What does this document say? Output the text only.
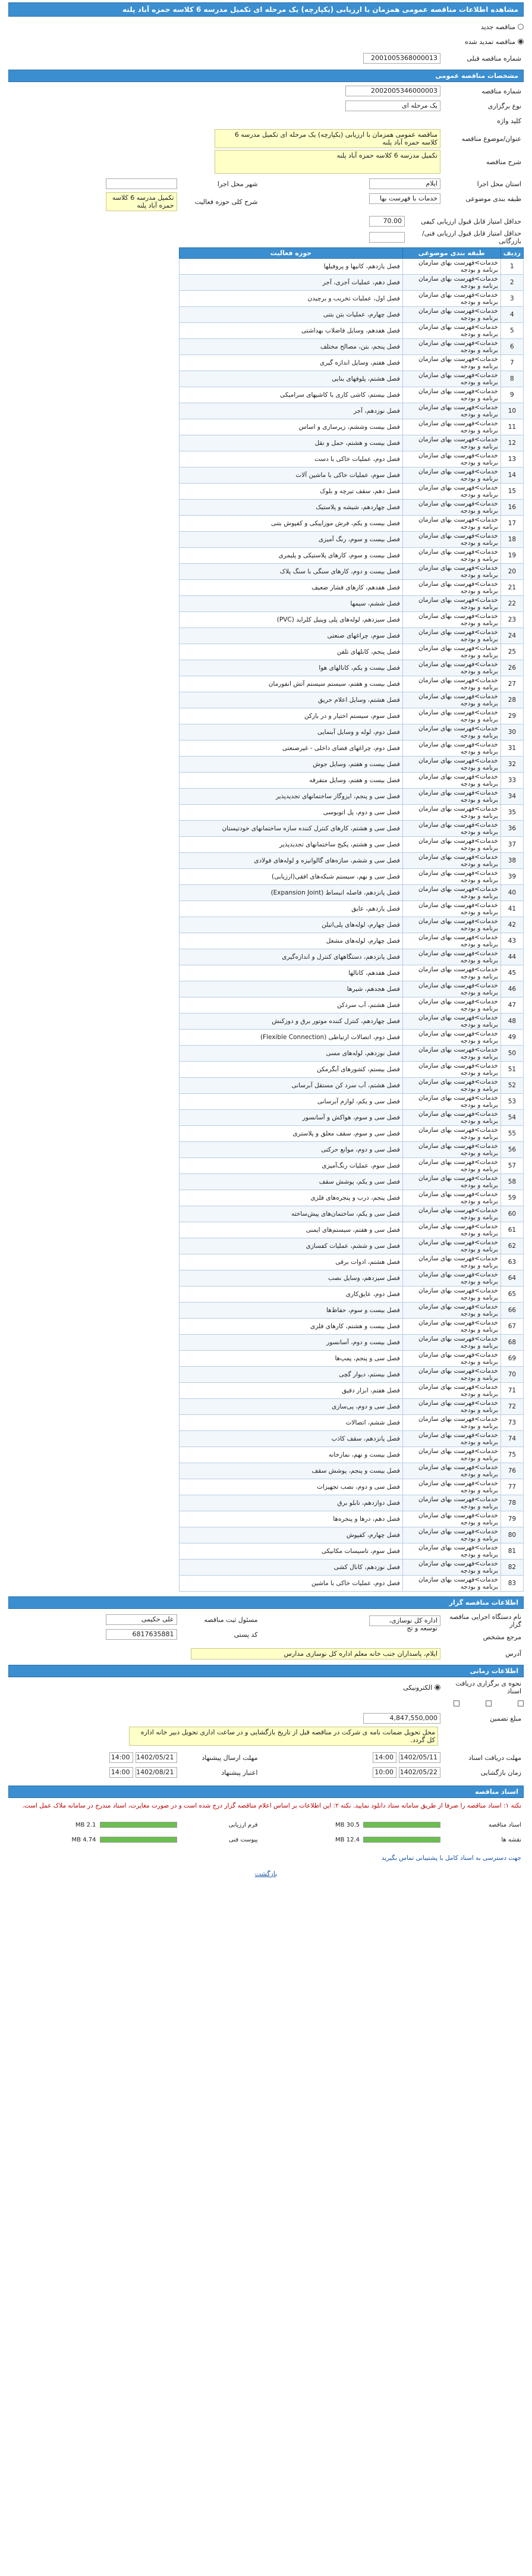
مشاهده اطلاعات مناقصه عمومی همزمان با ارزیابی (یکپارچه) یک مرحله ای تکمیل مدرسه 6 کلاسه حمزه آباد پلنه
مناقصه جدید
مناقصه تمدید شده
شماره مناقصه قبلی
2001005368000013
مشخصات مناقصه عمومی
شماره مناقصه
2002005346000003
نوع برگزاری
یک مرحله ای
کلید واژه
عنوان/موضوع مناقصه
مناقصه عمومی همزمان با ارزیابی (یکپارچه) یک مرحله ای تکمیل مدرسه 6 کلاسه حمزه آباد پلنه
شرح مناقصه
تکمیل مدرسه 6 کلاسه حمزه آباد پلنه
استان محل اجرا
ایلام
طبقه بندی موضوعی
خدمات با فهرست بها
شهر محل اجرا
شرح کلی حوزه فعالیت
تکمیل مدرسه 6 کلاسه حمزه آباد پلنه
حداقل امتیاز قابل قبول ارزیابی کیفی
70.00
حداقل امتیاز قابل قبول ارزیابی فنی/بازرگانی
ردیف	طبقه بندی موضوعی	حوزه فعالیت
1	خدمات>فهرست بهای سازمان برنامه و بودجه	فصل یازدهم، کانیها و پروفیلها
2	خدمات>فهرست بهای سازمان برنامه و بودجه	فصل دهم، عملیات آجری، آجر
3	خدمات>فهرست بهای سازمان برنامه و بودجه	فصل اول، عملیات تخریب و برچیدن
4	خدمات>فهرست بهای سازمان برنامه و بودجه	فصل چهارم، عملیات بتن بتنی
5	خدمات>فهرست بهای سازمان برنامه و بودجه	فصل هفدهم، وسایل فاضلاب بهداشتی
6	خدمات>فهرست بهای سازمان برنامه و بودجه	فصل پنجم، بتن، مصالح مختلف
7	خدمات>فهرست بهای سازمان برنامه و بودجه	فصل هفتم، وسایل اندازه گیری
8	خدمات>فهرست بهای سازمان برنامه و بودجه	فصل هشتم، پلوفهای بنایی
9	خدمات>فهرست بهای سازمان برنامه و بودجه	فصل بیستم، کاشی کاری با کاشیهای سرامیکی
10	خدمات>فهرست بهای سازمان برنامه و بودجه	فصل نوزدهم، آجر
11	خدمات>فهرست بهای سازمان برنامه و بودجه	فصل بیست وششم، زیرسازی و اساس
12	خدمات>فهرست بهای سازمان برنامه و بودجه	فصل بیست و هشتم، حمل و نقل
13	خدمات>فهرست بهای سازمان برنامه و بودجه	فصل دوم، عملیات خاکی با دست
14	خدمات>فهرست بهای سازمان برنامه و بودجه	فصل سوم، عملیات خاکی با ماشین آلات
15	خدمات>فهرست بهای سازمان برنامه و بودجه	فصل دهم، سقف تیرچه و بلوک
16	خدمات>فهرست بهای سازمان برنامه و بودجه	فصل چهاردهم، شیشه و پلاستیک
17	خدمات>فهرست بهای سازمان برنامه و بودجه	فصل بیست و یکم، فرش موزاییکی و کفپوش بتنی
18	خدمات>فهرست بهای سازمان برنامه و بودجه	فصل بیست و سوم، رنگ آمیزی
19	خدمات>فهرست بهای سازمان برنامه و بودجه	فصل بیست و سوم، کارهای پلاستیکی و پلیمری
20	خدمات>فهرست بهای سازمان برنامه و بودجه	فصل بیست و دوم، کارهای سنگی با سنگ پلاک
21	خدمات>فهرست بهای سازمان برنامه و بودجه	فصل هفدهم، کارهای فشار ضعیف
22	خدمات>فهرست بهای سازمان برنامه و بودجه	فصل ششم، سیمها
23	خدمات>فهرست بهای سازمان برنامه و بودجه	فصل سیزدهم، لوله‌های پلی وینیل کلراید (PVC)
24	خدمات>فهرست بهای سازمان برنامه و بودجه	فصل سوم، چراغهای صنعتی
25	خدمات>فهرست بهای سازمان برنامه و بودجه	فصل پنجم، کابلهای تلفن
26	خدمات>فهرست بهای سازمان برنامه و بودجه	فصل بیست و یکم، کانالهای هوا
27	خدمات>فهرست بهای سازمان برنامه و بودجه	فصل بیست و هفتم، سیستم سیستم آتش انفورمان
28	خدمات>فهرست بهای سازمان برنامه و بودجه	فصل هشتم، وسایل اعلام حریق
29	خدمات>فهرست بهای سازمان برنامه و بودجه	فصل سوم، سیستم اختیار و در بازکن
30	خدمات>فهرست بهای سازمان برنامه و بودجه	فصل دوم، لوله و وسایل آبنمایی
31	خدمات>فهرست بهای سازمان برنامه و بودجه	فصل دوم، چراغهای فضای داخلی - غیرصنعتی
32	خدمات>فهرست بهای سازمان برنامه و بودجه	فصل بیست و هفتم، وسایل جوش
33	خدمات>فهرست بهای سازمان برنامه و بودجه	فصل بیست و هفتم، وسایل متفرقه
34	خدمات>فهرست بهای سازمان برنامه و بودجه	فصل سی و پنجم، ایزوگاز ساختمانهای تجدیدپذیر
35	خدمات>فهرست بهای سازمان برنامه و بودجه	فصل سی و دوم، پل اتوبوسی
36	خدمات>فهرست بهای سازمان برنامه و بودجه	فصل سی و هشتم، کارهای کنترل کننده سازه ساختمانهای خودتیستان
37	خدمات>فهرست بهای سازمان برنامه و بودجه	فصل سی و هشتم، پکیج ساختمانهای تجدیدپذیر
38	خدمات>فهرست بهای سازمان برنامه و بودجه	فصل سی و ششم، سازه‌های گالوانیزه و لوله‌های فولادی
39	خدمات>فهرست بهای سازمان برنامه و بودجه	فصل سی و نهم، سیستم شبکه‌های افقی(ارزیابی)
40	خدمات>فهرست بهای سازمان برنامه و بودجه	فصل پانزدهم، فاصله انبساط (Expansion Joint)
41	خدمات>فهرست بهای سازمان برنامه و بودجه	فصل یازدهم، عایق
42	خدمات>فهرست بهای سازمان برنامه و بودجه	فصل چهارم، لوله‌های پلی‌اتیلن
43	خدمات>فهرست بهای سازمان برنامه و بودجه	فصل چهارم، لوله‌های مشعل
44	خدمات>فهرست بهای سازمان برنامه و بودجه	فصل پانزدهم، دستگاههای کنترل و اندازه‌گیری
45	خدمات>فهرست بهای سازمان برنامه و بودجه	فصل هفدهم، کانالها
46	خدمات>فهرست بهای سازمان برنامه و بودجه	فصل هجدهم، شیرها
47	خدمات>فهرست بهای سازمان برنامه و بودجه	فصل هشتم، آب سردکن
48	خدمات>فهرست بهای سازمان برنامه و بودجه	فصل چهاردهم، کنترل کننده موتور برق و دوزکنش
49	خدمات>فهرست بهای سازمان برنامه و بودجه	فصل دوم، اتصالات ارتباطی (Flexible Connection)
50	خدمات>فهرست بهای سازمان برنامه و بودجه	فصل نوزدهم، لوله‌های مسی
51	خدمات>فهرست بهای سازمان برنامه و بودجه	فصل بیستم، کشورهای آبگرمکن
52	خدمات>فهرست بهای سازمان برنامه و بودجه	فصل هشتم، آب سرد کن مستقل آبرسانی
53	خدمات>فهرست بهای سازمان برنامه و بودجه	فصل سی و یکم، لوازم آبرسانی
54	خدمات>فهرست بهای سازمان برنامه و بودجه	فصل سی و سوم، هواکش و آسانسور
55	خدمات>فهرست بهای سازمان برنامه و بودجه	فصل سی و سوم، سقف معلق و پلاستری
56	خدمات>فهرست بهای سازمان برنامه و بودجه	فصل سی و دوم، موانع حرکتی
57	خدمات>فهرست بهای سازمان برنامه و بودجه	فصل سوم، عملیات رنگ‌آمیزی
58	خدمات>فهرست بهای سازمان برنامه و بودجه	فصل سی و یکم، پوشش سقف
59	خدمات>فهرست بهای سازمان برنامه و بودجه	فصل پنجم، درب و پنجره‌های فلزی
60	خدمات>فهرست بهای سازمان برنامه و بودجه	فصل سی و یکم، ساختمان‌های پیش‌ساخته
61	خدمات>فهرست بهای سازمان برنامه و بودجه	فصل سی و هفتم، سیستم‌های ایمنی
62	خدمات>فهرست بهای سازمان برنامه و بودجه	فصل سی و ششم، عملیات کفسازی
63	خدمات>فهرست بهای سازمان برنامه و بودجه	فصل هشتم، ادوات برقی
64	خدمات>فهرست بهای سازمان برنامه و بودجه	فصل سیزدهم، وسایل نصب
65	خدمات>فهرست بهای سازمان برنامه و بودجه	فصل دوم، عایق‌کاری
66	خدمات>فهرست بهای سازمان برنامه و بودجه	فصل بیست و سوم، حفاظ‌ها
67	خدمات>فهرست بهای سازمان برنامه و بودجه	فصل بیست و هشتم، کارهای فلزی
68	خدمات>فهرست بهای سازمان برنامه و بودجه	فصل بیست و دوم، آسانسور
69	خدمات>فهرست بهای سازمان برنامه و بودجه	فصل سی و پنجم، پمپ‌ها
70	خدمات>فهرست بهای سازمان برنامه و بودجه	فصل بیستم، دیوار گچی
71	خدمات>فهرست بهای سازمان برنامه و بودجه	فصل هفتم، ابزار دقیق
72	خدمات>فهرست بهای سازمان برنامه و بودجه	فصل سی و دوم، پی‌سازی
73	خدمات>فهرست بهای سازمان برنامه و بودجه	فصل ششم، اتصالات
74	خدمات>فهرست بهای سازمان برنامه و بودجه	فصل پانزدهم، سقف کاذب
75	خدمات>فهرست بهای سازمان برنامه و بودجه	فصل بیست و نهم، نمازخانه
76	خدمات>فهرست بهای سازمان برنامه و بودجه	فصل بیست و پنجم، پوشش سقف
77	خدمات>فهرست بهای سازمان برنامه و بودجه	فصل سی و دوم، نصب تجهیزات
78	خدمات>فهرست بهای سازمان برنامه و بودجه	فصل دوازدهم، تابلو برق
79	خدمات>فهرست بهای سازمان برنامه و بودجه	فصل دهم، درها و پنجره‌ها
80	خدمات>فهرست بهای سازمان برنامه و بودجه	فصل چهارم، کفپوش
81	خدمات>فهرست بهای سازمان برنامه و بودجه	فصل سوم، تاسیسات مکانیکی
82	خدمات>فهرست بهای سازمان برنامه و بودجه	فصل نوزدهم، کانال کشی
83	خدمات>فهرست بهای سازمان برنامه و بودجه	فصل دوم، عملیات خاکی با ماشین
اطلاعات مناقصه گزار
نام دستگاه اجرایی مناقصه گزار
اداره کل نوسازی، توسعه و تج
مرجع مشخص
مسئول ثبت مناقصه
علی حکیمی
کد پستی
6817635881
آدرس
ایلام، پاسداران جنب خانه معلم اداره کل نوسازی مدارس
اطلاعات زمانی
نحوه ی برگزاری دریافت اسناد
الکترونیکی
مبلغ تضمین
4,847,550,000
محل تحویل ضمانت نامه ی شرکت در مناقصه قبل از تاریخ بازگشایی و در ساعت اداری تحویل دبیر خانه اداره کل گردد.
مهلت دریافت اسناد
1402/05/11
14:00
زمان بازگشایی
1402/05/22
10:00
مهلت ارسال پیشنهاد
1402/05/21
14:00
اعتبار پیشنهاد
1402/08/21
14:00
اسناد مناقصه
نکته ۱: اسناد مناقصه را صرفا از طریق سامانه ستاد دانلود نمایید. نکته ۲: این اطلاعات بر اساس اعلام مناقصه گزار درج شده است و در صورت مغایرت، اسناد مندرج در سامانه ملاک عمل است.
اسناد مناقصه
30.5 MB
نقشه ها
12.4 MB
فرم ارزیابی
2.1 MB
پیوست فنی
4.74 MB
جهت دسترسی به اسناد کامل با پشتیبانی تماس بگیرید
بازگشت
